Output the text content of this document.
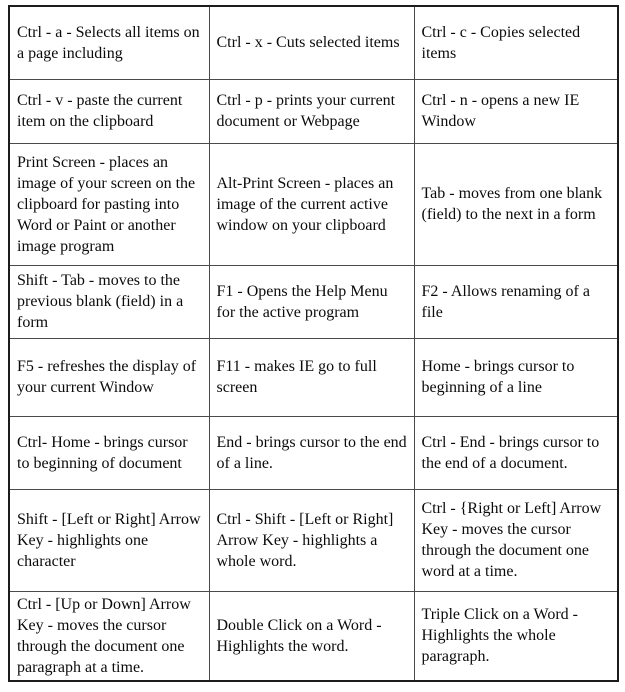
Ctrl - a - Selects all items on a page including	Ctrl - x - Cuts selected items	Ctrl - c - Copies selected items
Ctrl - v - paste the current item on the clipboard	Ctrl - p - prints your current document or Webpage	Ctrl - n - opens a new IE Window
Print Screen - places an image of your screen on the clipboard for pasting into Word or Paint or another image program	Alt-Print Screen - places an image of the current active window on your clipboard	Tab - moves from one blank (field) to the next in a form
Shift - Tab - moves to the previous blank (field) in a form	F1 - Opens the Help Menu for the active program	F2 - Allows renaming of a file
F5 - refreshes the display of your current Window	F11 - makes IE go to full screen	Home - brings cursor to beginning of a line
Ctrl- Home - brings cursor to beginning of document	End - brings cursor to the end of a line.	Ctrl - End - brings cursor to the end of a document.
Shift - [Left or Right] Arrow Key - highlights one character	Ctrl - Shift - [Left or Right] Arrow Key - highlights a whole word.	Ctrl - {Right or Left] Arrow Key - moves the cursor through the document one word at a time.
Ctrl - [Up or Down] Arrow Key - moves the cursor through the document one paragraph at a time.	Double Click on a Word - Highlights the word.	Triple Click on a Word - Highlights the whole paragraph.
